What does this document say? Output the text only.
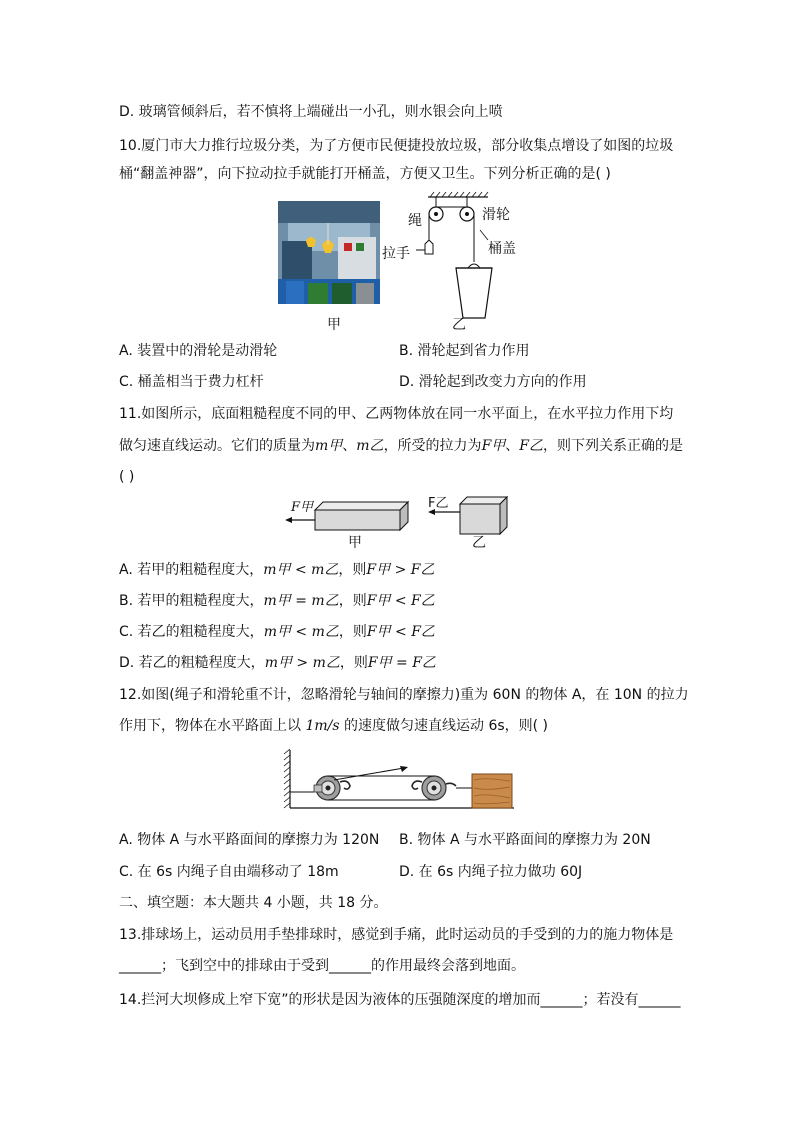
D. 玻璃管倾斜后，若不慎将上端碰出一小孔，则水银会向上喷
10.厦门市大力推行垃圾分类，为了方便市民便捷投放垃圾，部分收集点增设了如图的垃圾
桶“翻盖神器”，向下拉动拉手就能打开桶盖，方便又卫生。下列分析正确的是( )
甲
绳	滑轮
拉手	桶盖
乙
A. 装置中的滑轮是动滑轮	B. 滑轮起到省力作用
C. 桶盖相当于费力杠杆	D. 滑轮起到改变力方向的作用
11.如图所示，底面粗糙程度不同的甲、乙两物体放在同一水平面上，在水平拉力作用下均
做匀速直线运动。它们的质量为m甲、m乙，所受的拉力为F甲、F乙，则下列关系正确的是
( )
F甲	F乙
甲	乙
A. 若甲的粗糙程度大，m甲 < m乙，则F甲 > F乙
B. 若甲的粗糙程度大，m甲 = m乙，则F甲 < F乙
C. 若乙的粗糙程度大，m甲 < m乙，则F甲 < F乙
D. 若乙的粗糙程度大，m甲 > m乙，则F甲 = F乙
12.如图(绳子和滑轮重不计，忽略滑轮与轴间的摩擦力)重为 60N 的物体 A，在 10N 的拉力
作用下，物体在水平路面上以 1m/s 的速度做匀速直线运动 6s，则( )
A. 物体 A 与水平路面间的摩擦力为 120N B. 物体 A 与水平路面间的摩擦力为 20N
C. 在 6s 内绳子自由端移动了 18m	D. 在 6s 内绳子拉力做功 60J
二、填空题：本大题共 4 小题，共 18 分。
13.排球场上，运动员用手垫排球时，感觉到手痛，此时运动员的手受到的力的施力物体是
______；飞到空中的排球由于受到______的作用最终会落到地面。
14.拦河大坝修成上窄下宽”的形状是因为液体的压强随深度的增加而______；若没有______
